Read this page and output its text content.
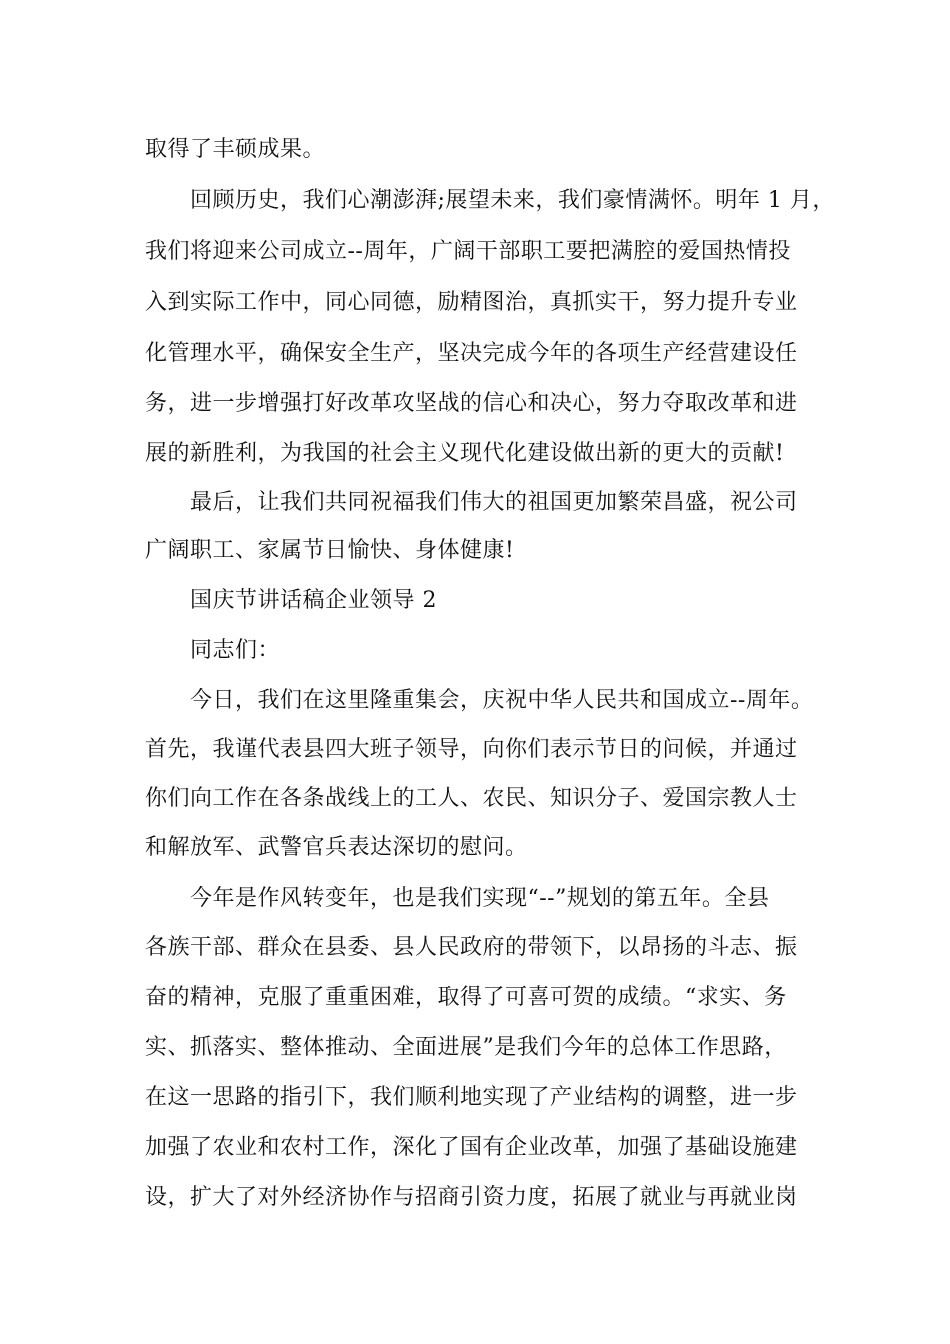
取得了丰硕成果。
回顾历史，我们心潮澎湃;展望未来，我们豪情满怀。明年 1 月，
我们将迎来公司成立--周年，广阔干部职工要把满腔的爱国热情投
入到实际工作中，同心同德，励精图治，真抓实干，努力提升专业
化管理水平，确保安全生产，坚决完成今年的各项生产经营建设任
务，进一步增强打好改革攻坚战的信心和决心，努力夺取改革和进
展的新胜利，为我国的社会主义现代化建设做出新的更大的贡献!
最后，让我们共同祝福我们伟大的祖国更加繁荣昌盛，祝公司
广阔职工、家属节日愉快、身体健康!
国庆节讲话稿企业领导 2
同志们：
今日，我们在这里隆重集会，庆祝中华人民共和国成立--周年。
首先，我谨代表县四大班子领导，向你们表示节日的问候，并通过
你们向工作在各条战线上的工人、农民、知识分子、爱国宗教人士
和解放军、武警官兵表达深切的慰问。
今年是作风转变年，也是我们实现“--”规划的第五年。全县
各族干部、群众在县委、县人民政府的带领下，以昂扬的斗志、振
奋的精神，克服了重重困难，取得了可喜可贺的成绩。“求实、务
实、抓落实、整体推动、全面进展”是我们今年的总体工作思路，
在这一思路的指引下，我们顺利地实现了产业结构的调整，进一步
加强了农业和农村工作，深化了国有企业改革，加强了基础设施建
设，扩大了对外经济协作与招商引资力度，拓展了就业与再就业岗
